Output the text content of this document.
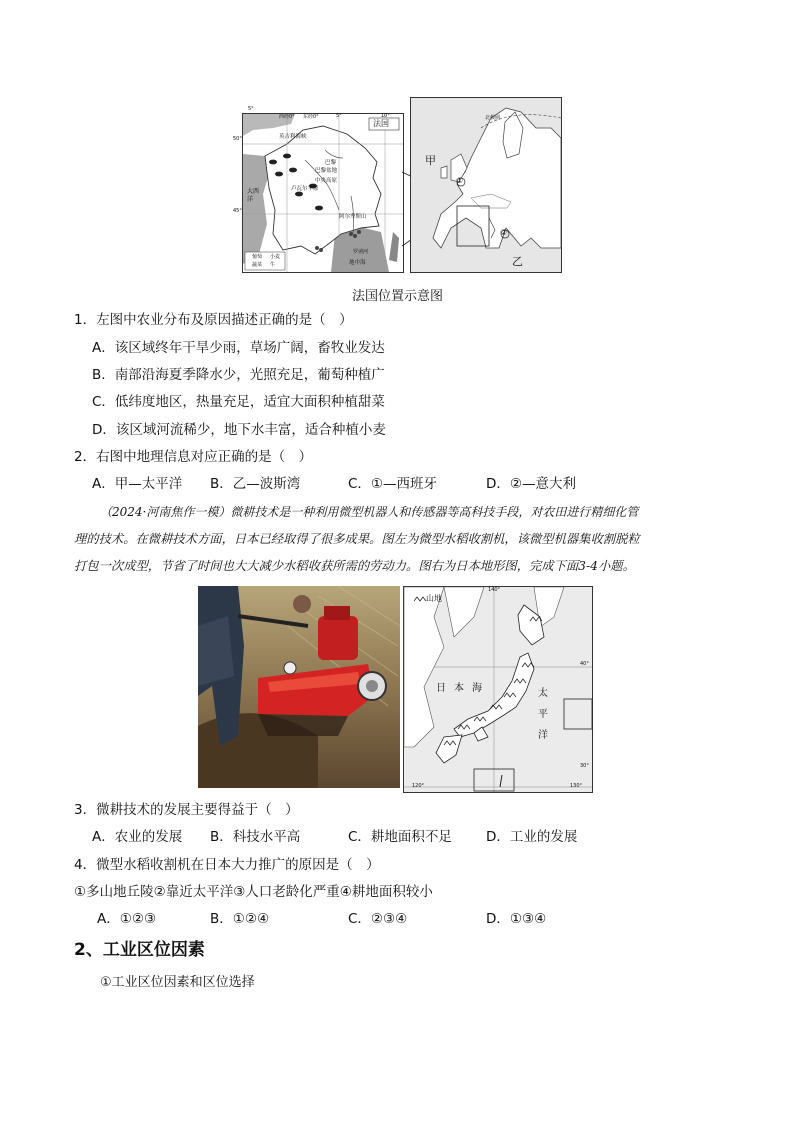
法国
西经0° 东经0°	5°	10°
英吉利海峡
巴黎
巴黎盆地
卢瓦尔平原
大西洋
中央高原
阿尔卑斯山
地中海
罗讷河
50°
45°
葡萄 小麦
蔬菜 牛
5°
甲
乙
①
②
北极圈
法国位置示意图
1．左图中农业分布及原因描述正确的是（　）
A．该区域终年干旱少雨，草场广阔，畜牧业发达
B．南部沿海夏季降水少，光照充足，葡萄种植广
C．低纬度地区，热量充足，适宜大面积种植甜菜
D．该区域河流稀少，地下水丰富，适合种植小麦
2．右图中地理信息对应正确的是（　）
A．甲—太平洋 B．乙—波斯湾	C．①—西班牙	D．②—意大利
（2024·河南焦作一模）微耕技术是一种利用微型机器人和传感器等高科技手段，对农田进行精细化管
理的技术。在微耕技术方面，日本已经取得了很多成果。图左为微型水稻收割机，该微型机器集收割脱粒
打包一次成型，节省了时间也大大减少水稻收获所需的劳动力。图右为日本地形图，完成下面3-4小题。
山地
日 本 海	太
平
洋
140°
130°
120°
40°
30°
3．微耕技术的发展主要得益于（　）
A．农业的发展 B．科技水平高	C．耕地面积不足	D．工业的发展
4．微型水稻收割机在日本大力推广的原因是（　）
①多山地丘陵②靠近太平洋③人口老龄化严重④耕地面积较小
A．①②③	B．①②④	C．②③④	D．①③④
2、工业区位因素
①工业区位因素和区位选择
